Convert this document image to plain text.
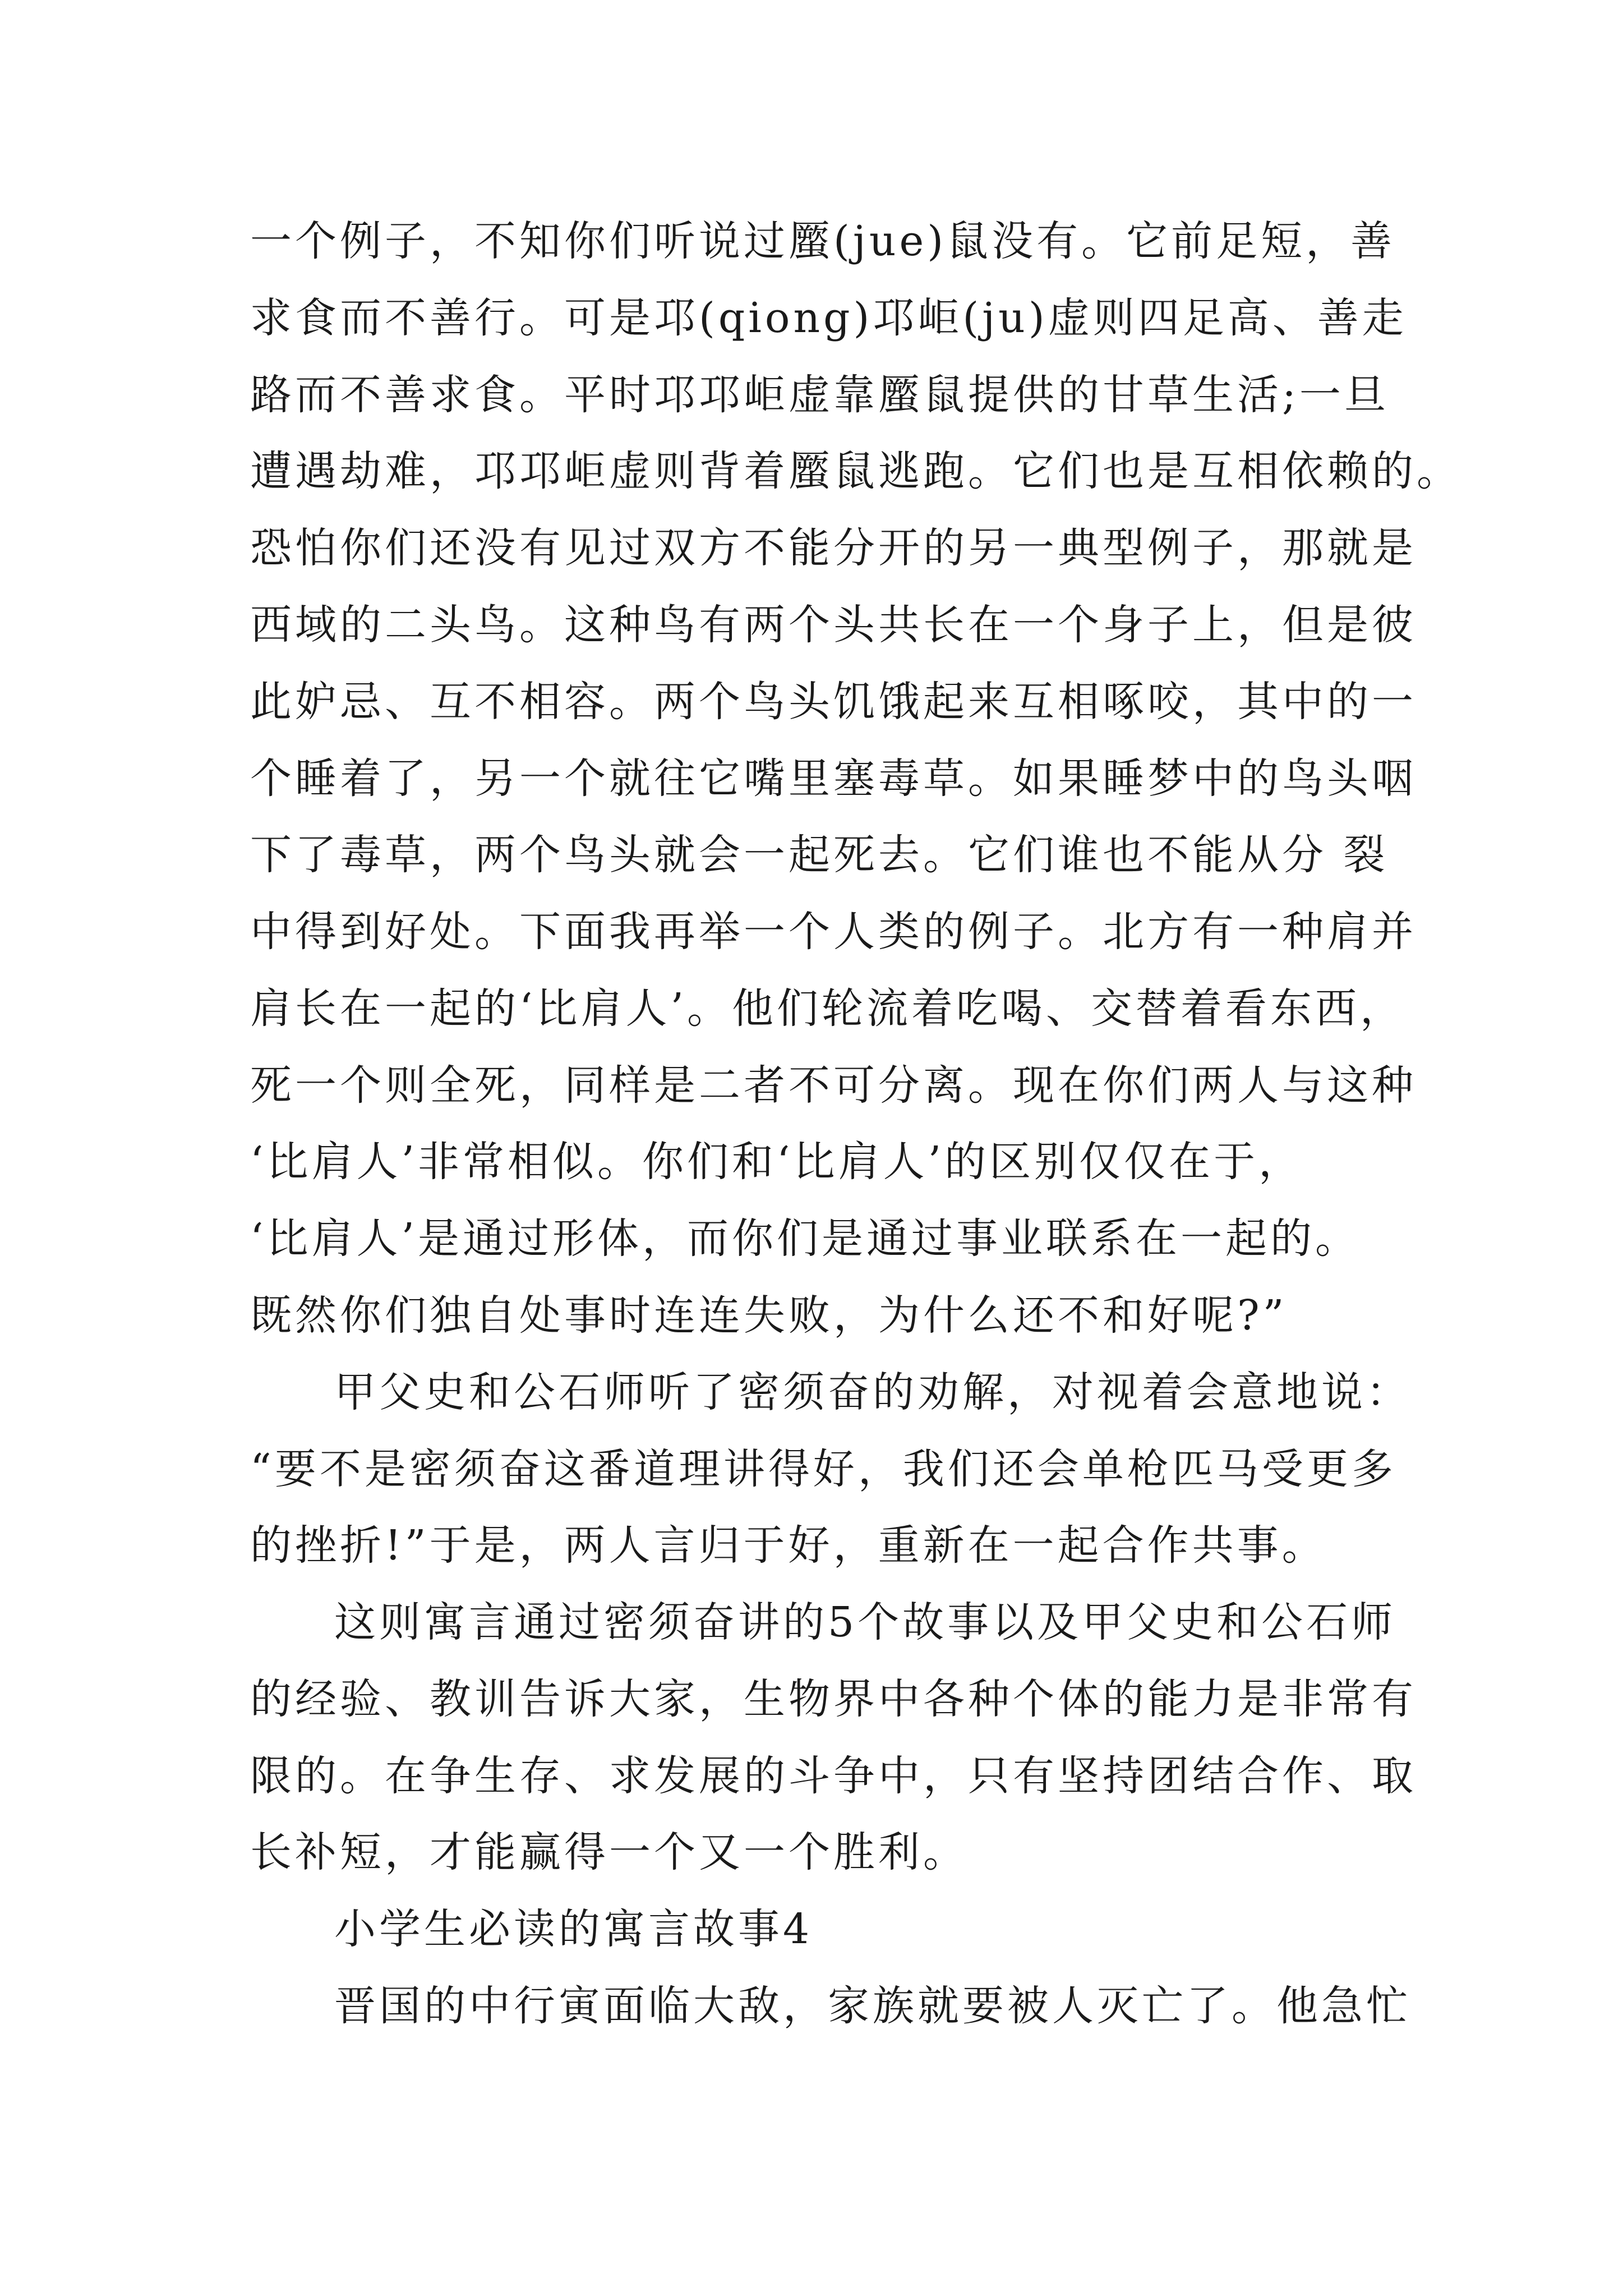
一个例子，不知你们听说过蟨(jue)鼠没有。它前足短，善
求食而不善行。可是邛(qiong)邛岠(ju)虚则四足高、善走
路而不善求食。平时邛邛岠虚靠蟨鼠提供的甘草生活;一旦
遭遇劫难，邛邛岠虚则背着蟨鼠逃跑。它们也是互相依赖的。
恐怕你们还没有见过双方不能分开的另一典型例子，那就是
西域的二头鸟。这种鸟有两个头共长在一个身子上，但是彼
此妒忌、互不相容。两个鸟头饥饿起来互相啄咬，其中的一
个睡着了，另一个就往它嘴里塞毒草。如果睡梦中的鸟头咽
下了毒草，两个鸟头就会一起死去。它们谁也不能从分 裂
中得到好处。下面我再举一个人类的例子。北方有一种肩并
肩长在一起的‘比肩人’。他们轮流着吃喝、交替着看东西，
死一个则全死，同样是二者不可分离。现在你们两人与这种
‘比肩人’非常相似。你们和‘比肩人’的区别仅仅在于，
‘比肩人’是通过形体，而你们是通过事业联系在一起的。
既然你们独自处事时连连失败，为什么还不和好呢?”
甲父史和公石师听了密须奋的劝解，对视着会意地说：
“要不是密须奋这番道理讲得好，我们还会单枪匹马受更多
的挫折!”于是，两人言归于好，重新在一起合作共事。
这则寓言通过密须奋讲的5个故事以及甲父史和公石师
的经验、教训告诉大家，生物界中各种个体的能力是非常有
限的。在争生存、求发展的斗争中，只有坚持团结合作、取
长补短，才能赢得一个又一个胜利。
小学生必读的寓言故事4
晋国的中行寅面临大敌，家族就要被人灭亡了。他急忙
